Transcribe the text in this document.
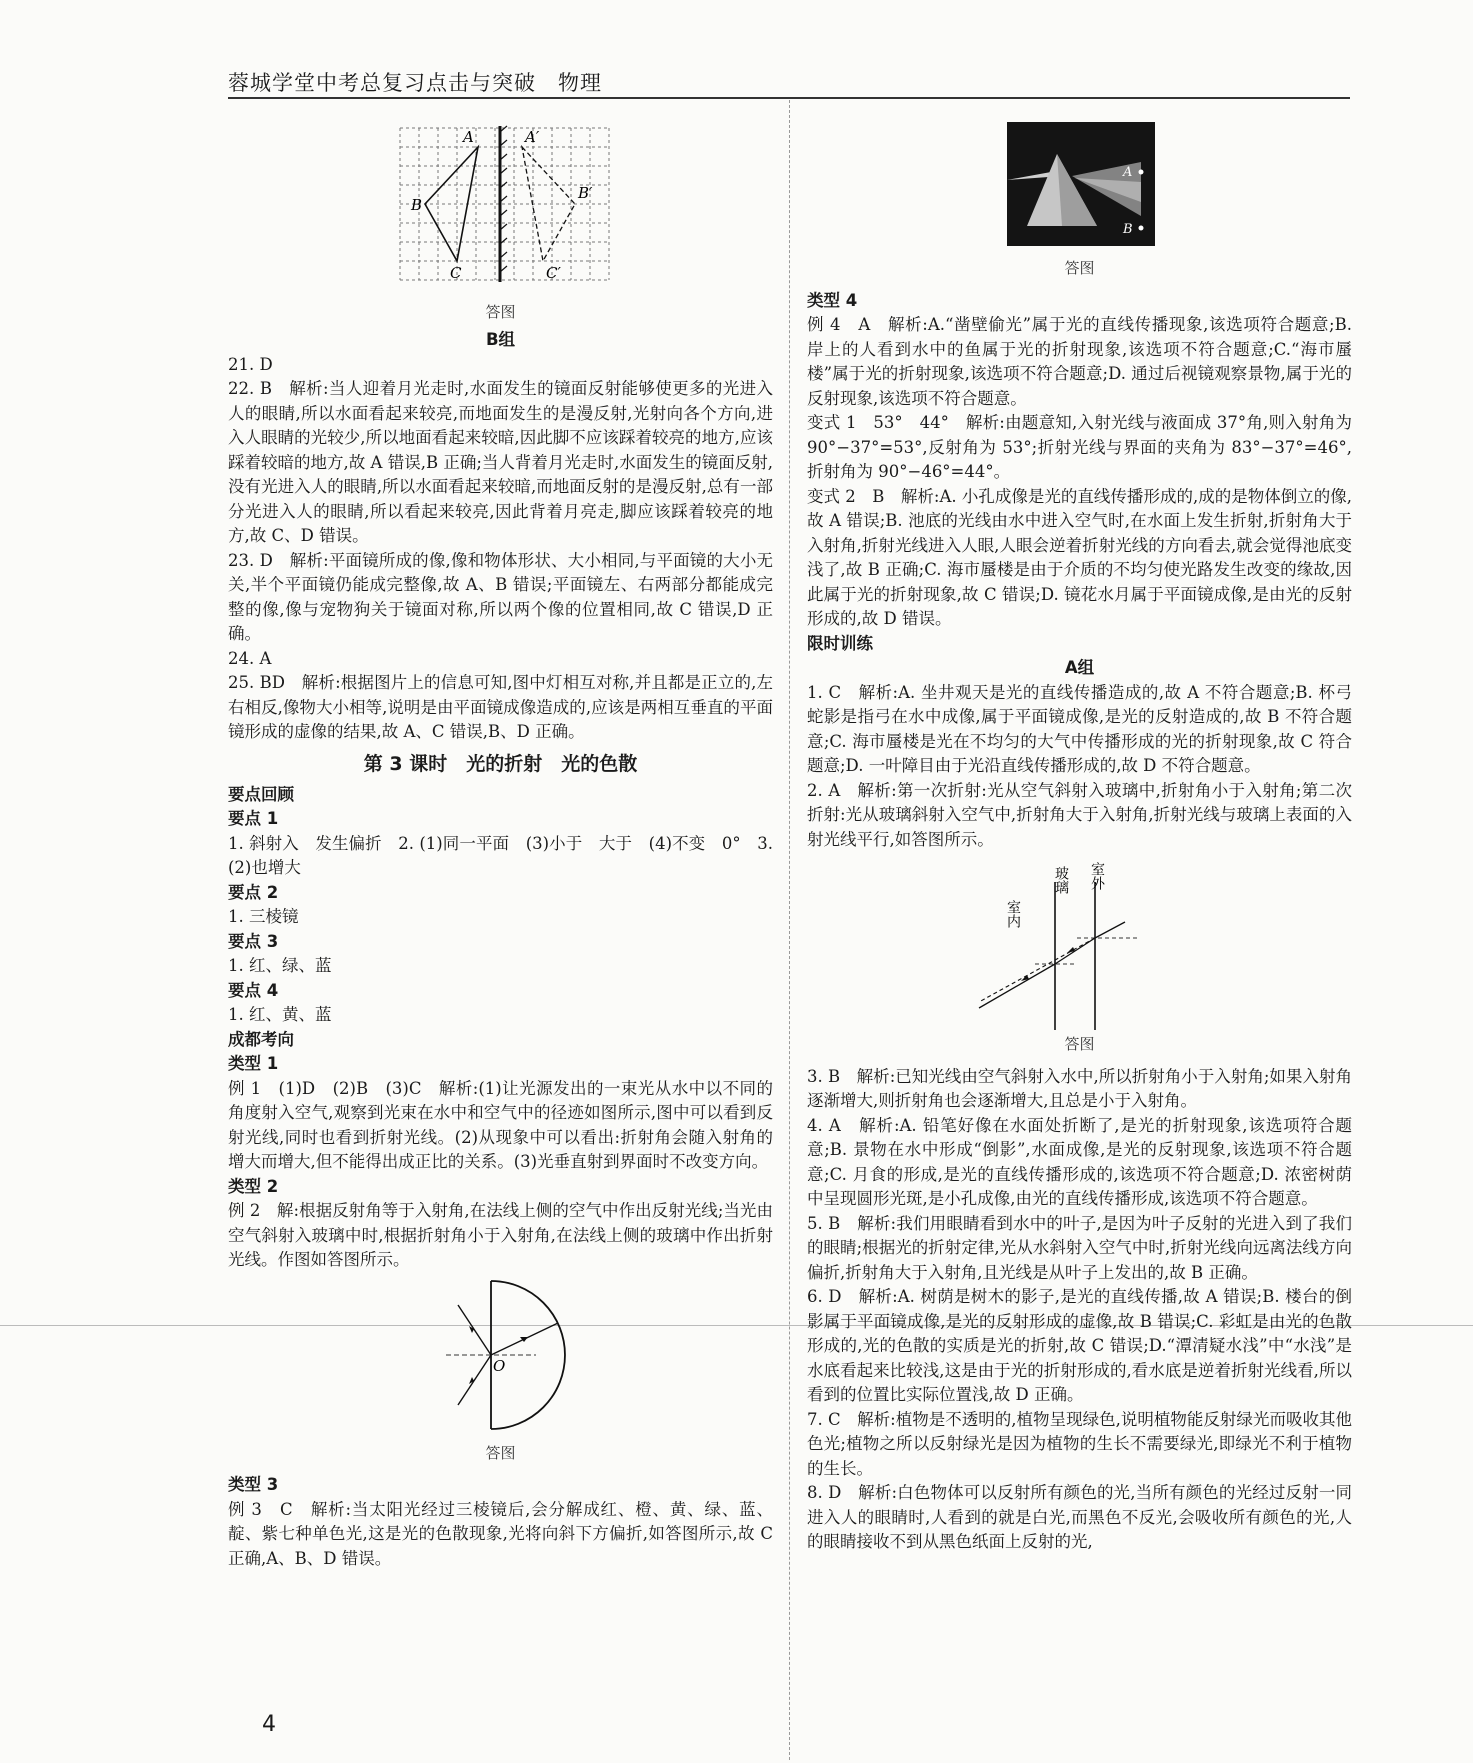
蓉城学堂中考总复习点击与突破　物理
A
B
C
A′
B′
C′

答图

B组

21. D

22. B　解析:当人迎着月光走时,水面发生的镜面反射能够使更多的光进入人的眼睛,所以水面看起来较亮,而地面发生的是漫反射,光射向各个方向,进入人眼睛的光较少,所以地面看起来较暗,因此脚不应该踩着较亮的地方,应该踩着较暗的地方,故 A 错误,B 正确;当人背着月光走时,水面发生的镜面反射,没有光进入人的眼睛,所以水面看起来较暗,而地面反射的是漫反射,总有一部分光进入人的眼睛,所以看起来较亮,因此背着月亮走,脚应该踩着较亮的地方,故 C、D 错误。

23. D　解析:平面镜所成的像,像和物体形状、大小相同,与平面镜的大小无关,半个平面镜仍能成完整像,故 A、B 错误;平面镜左、右两部分都能成完整的像,像与宠物狗关于镜面对称,所以两个像的位置相同,故 C 错误,D 正确。

24. A

25. BD　解析:根据图片上的信息可知,图中灯相互对称,并且都是正立的,左右相反,像物大小相等,说明是由平面镜成像造成的,应该是两相互垂直的平面镜形成的虚像的结果,故 A、C 错误,B、D 正确。

第 3 课时　光的折射　光的色散

要点回顾

要点 1

1. 斜射入　发生偏折　2. (1)同一平面　(3)小于　大于　(4)不变　0°　3. (2)也增大

要点 2

1. 三棱镜

要点 3

1. 红、绿、蓝

要点 4

1. 红、黄、蓝

成都考向

类型 1

例 1　(1)D　(2)B　(3)C　解析:(1)让光源发出的一束光从水中以不同的角度射入空气,观察到光束在水中和空气中的径迹如图所示,图中可以看到反射光线,同时也看到折射光线。(2)从现象中可以看出:折射角会随入射角的增大而增大,但不能得出成正比的关系。(3)光垂直射到界面时不改变方向。

类型 2

例 2　解:根据反射角等于入射角,在法线上侧的空气中作出反射光线;当光由空气斜射入玻璃中时,根据折射角小于入射角,在法线上侧的玻璃中作出折射光线。作图如答图所示。

O

答图

类型 3

例 3　C　解析:当太阳光经过三棱镜后,会分解成红、橙、黄、绿、蓝、靛、紫七种单色光,这是光的色散现象,光将向斜下方偏折,如答图所示,故 C 正确,A、B、D 错误。

A
B

答图

类型 4

例 4　A　解析:A.“凿壁偷光”属于光的直线传播现象,该选项符合题意;B. 岸上的人看到水中的鱼属于光的折射现象,该选项不符合题意;C.“海市蜃楼”属于光的折射现象,该选项不符合题意;D. 通过后视镜观察景物,属于光的反射现象,该选项不符合题意。

变式 1　53°　44°　解析:由题意知,入射光线与液面成 37°角,则入射角为 90°−37°=53°,反射角为 53°;折射光线与界面的夹角为 83°−37°=46°,折射角为 90°−46°=44°。

变式 2　B　解析:A. 小孔成像是光的直线传播形成的,成的是物体倒立的像,故 A 错误;B. 池底的光线由水中进入空气时,在水面上发生折射,折射角大于入射角,折射光线进入人眼,人眼会逆着折射光线的方向看去,就会觉得池底变浅了,故 B 正确;C. 海市蜃楼是由于介质的不均匀使光路发生改变的缘故,因此属于光的折射现象,故 C 错误;D. 镜花水月属于平面镜成像,是由光的反射形成的,故 D 错误。

限时训练

A组

1. C　解析:A. 坐井观天是光的直线传播造成的,故 A 不符合题意;B. 杯弓蛇影是指弓在水中成像,属于平面镜成像,是光的反射造成的,故 B 不符合题意;C. 海市蜃楼是光在不均匀的大气中传播形成的光的折射现象,故 C 符合题意;D. 一叶障目由于光沿直线传播形成的,故 D 不符合题意。

2. A　解析:第一次折射:光从空气斜射入玻璃中,折射角小于入射角;第二次折射:光从玻璃斜射入空气中,折射角大于入射角,折射光线与玻璃上表面的入射光线平行,如答图所示。

室内
玻璃 室外

答图

3. B　解析:已知光线由空气斜射入水中,所以折射角小于入射角;如果入射角逐渐增大,则折射角也会逐渐增大,且总是小于入射角。

4. A　解析:A. 铅笔好像在水面处折断了,是光的折射现象,该选项符合题意;B. 景物在水中形成“倒影”,水面成像,是光的反射现象,该选项不符合题意;C. 月食的形成,是光的直线传播形成的,该选项不符合题意;D. 浓密树荫中呈现圆形光斑,是小孔成像,由光的直线传播形成,该选项不符合题意。

5. B　解析:我们用眼睛看到水中的叶子,是因为叶子反射的光进入到了我们的眼睛;根据光的折射定律,光从水斜射入空气中时,折射光线向远离法线方向偏折,折射角大于入射角,且光线是从叶子上发出的,故 B 正确。

6. D　解析:A. 树荫是树木的影子,是光的直线传播,故 A 错误;B. 楼台的倒影属于平面镜成像,是光的反射形成的虚像,故 B 错误;C. 彩虹是由光的色散形成的,光的色散的实质是光的折射,故 C 错误;D.“潭清疑水浅”中“水浅”是水底看起来比较浅,这是由于光的折射形成的,看水底是逆着折射光线看,所以看到的位置比实际位置浅,故 D 正确。

7. C　解析:植物是不透明的,植物呈现绿色,说明植物能反射绿光而吸收其他色光;植物之所以反射绿光是因为植物的生长不需要绿光,即绿光不利于植物的生长。

8. D　解析:白色物体可以反射所有颜色的光,当所有颜色的光经过反射一同进入人的眼睛时,人看到的就是白光,而黑色不反光,会吸收所有颜色的光,人的眼睛接收不到从黑色纸面上反射的光,

4
